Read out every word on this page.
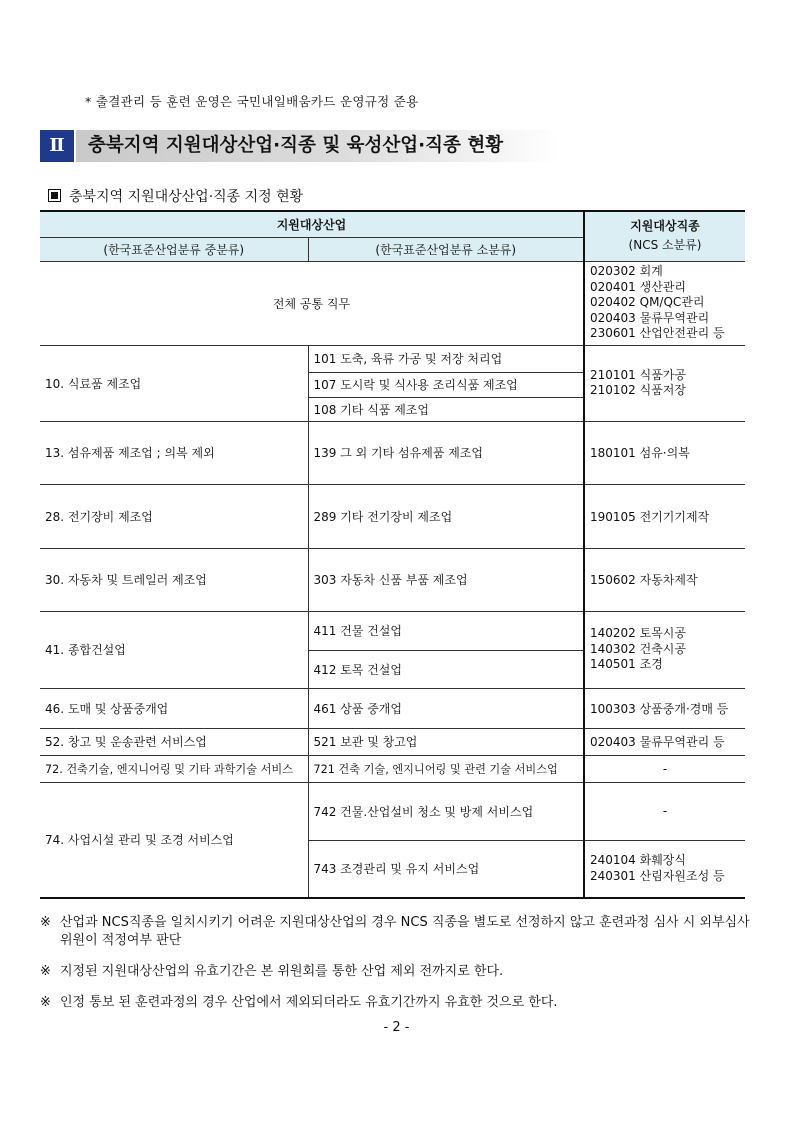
* 출결관리 등 훈련 운영은 국민내일배움카드 운영규정 준용
Ⅱ	충북지역 지원대상산업·직종 및 육성산업·직종 현황
충북지역 지원대상산업·직종 지정 현황
지원대상산업		지원대상직종
(NCS 소분류)

(한국표준산업분류 중분류)	(한국표준산업분류 소분류)	
전체 공통 직무		020302 회계
020401 생산관리
020402 QM/QC관리
020403 물류무역관리
230601 산업안전관리 등

10. 식료품 제조업	101 도축, 육류 가공 및 저장 처리업	210101 식품가공
210102 식품저장

	107 도시락 및 식사용 조리식품 제조업	
	108 기타 식품 제조업	
13. 섬유제품 제조업 ; 의복 제외	139 그 외 기타 섬유제품 제조업	180101 섬유·의복
28. 전기장비 제조업	289 기타 전기장비 제조업	190105 전기기기제작
30. 자동차 및 트레일러 제조업	303 자동차 신품 부품 제조업	150602 자동차제작
41. 종합건설업	411 건물 건설업	140202 토목시공
140302 건축시공
140501 조경

	412 토목 건설업	
46. 도매 및 상품중개업	461 상품 중개업	100303 상품중개·경매 등
52. 창고 및 운송관련 서비스업	521 보관 및 창고업	020403 물류무역관리 등
72. 건축기술, 엔지니어링 및 기타 과학기술 서비스	721 건축 기술, 엔지니어링 및 관련 기술 서비스업	-
74. 사업시설 관리 및 조경 서비스업	742 건물.산업설비 청소 및 방제 서비스업	-
	743 조경관리 및 유지 서비스업	240104 화훼장식
240301 산림자원조성 등
※ 산업과 NCS직종을 일치시키기 어려운 지원대상산업의 경우 NCS 직종을 별도로 선정하지 않고 훈련과정 심사 시 외부심사위원이 적정여부 판단
※ 지정된 지원대상산업의 유효기간은 본 위원회를 통한 산업 제외 전까지로 한다.
※ 인정 통보 된 훈련과정의 경우 산업에서 제외되더라도 유효기간까지 유효한 것으로 한다.
- 2 -
